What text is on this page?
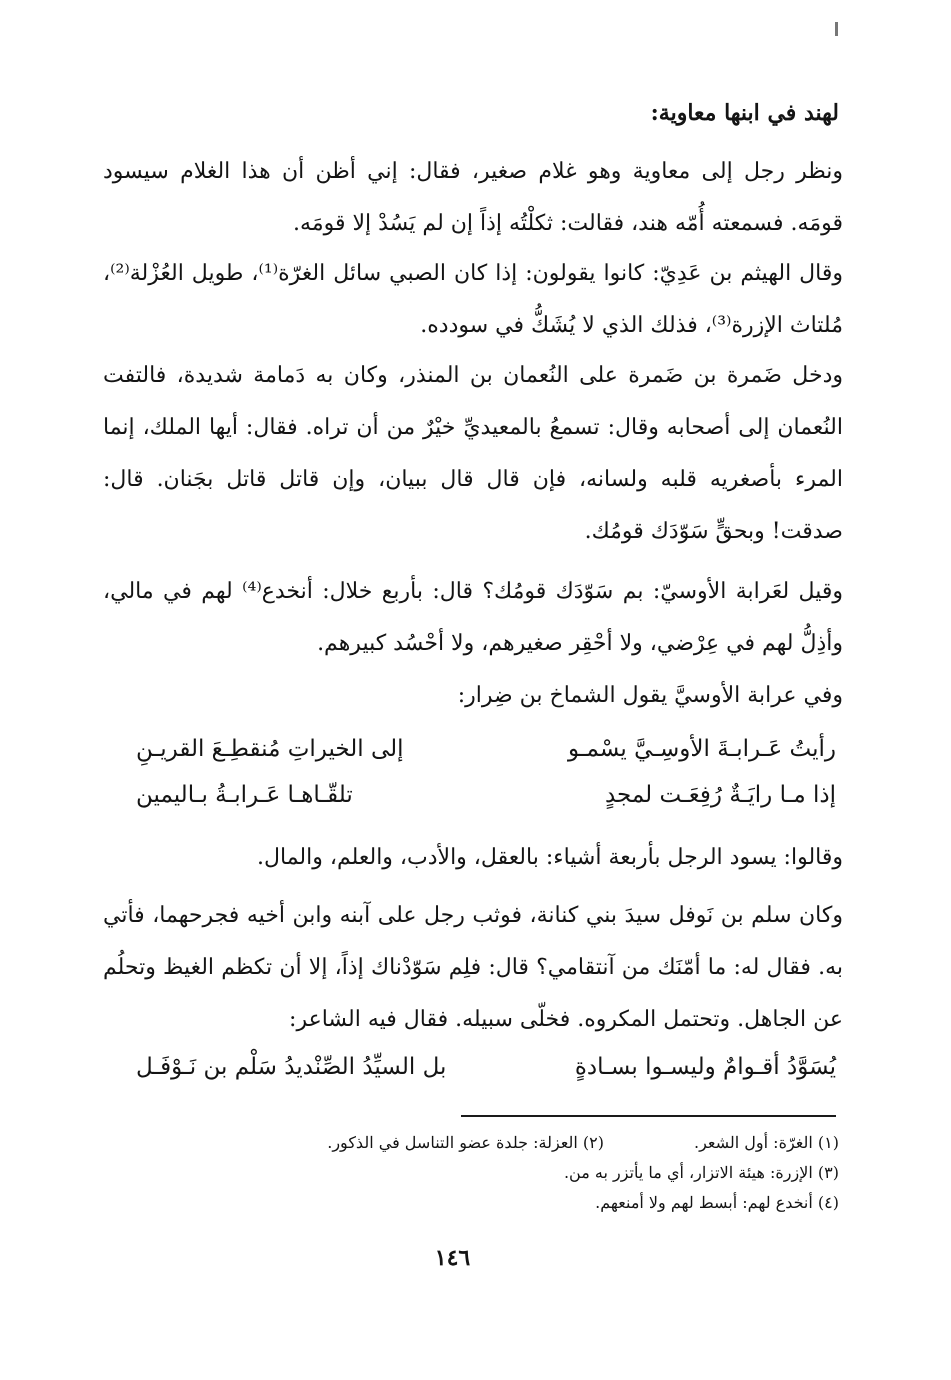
لهند في ابنها معاوية:

ونظر رجل إلى معاوية وهو غلام صغير، فقال: إني أظن أن هذا الغلام سيسود قومَه. فسمعته أُمّه هند، فقالت: ثكلْتُه إذاً إن لم يَسُدْ إلا قومَه.

وقال الهيثم بن عَدِيّ: كانوا يقولون: إذا كان الصبي سائل الغرّة⁽¹⁾، طويل العُزْلة⁽²⁾، مُلتاث الإزرة⁽³⁾، فذلك الذي لا يُشَكُّ في سودده.

ودخل ضَمرة بن ضَمرة على النُعمان بن المنذر، وكان به دَمامة شديدة، فالتفت النُعمان إلى أصحابه وقال: تسمعُ بالمعيديِّ خيْرٌ من أن تراه. فقال: أيها الملك، إنما المرء بأصغريه قلبه ولسانه، فإن قال قال ببيان، وإن قاتل قاتل بجَنان. قال: صدقت! وبحقٍّ سَوّدَك قومُك.

وقيل لعَرابة الأوسيّ: بم سَوّدَك قومُك؟ قال: بأربع خلال: أنخدع⁽⁴⁾ لهم في مالي، وأذِلُّ لهم في عِرْضي، ولا أحْقِر صغيرهم، ولا أحْسُد كبيرهم.

وفي عرابة الأوسيَّ يقول الشماخ بن ضِرار:

رأيتُ عَـرابـةَ الأوسِـيَّ يسْمـو
إلى الخيراتِ مُنقطِـعَ القريـنِ
إذا مـا رايَـةٌ رُفِعَـت لمجدٍ
تلقّـاهـا عَـرابـةُ بـاليمين

وقالوا: يسود الرجل بأربعة أشياء: بالعقل، والأدب، والعلم، والمال.

وكان سلم بن نَوفل سيدَ بني كنانة، فوثب رجل على آبنه وابن أخيه فجرحهما، فأتي به. فقال له: ما أمّنَك من آنتقامي؟ قال: فلِم سَوّدْناك إذاً، إلا أن تكظم الغيظ وتحلُم عن الجاهل. وتحتمل المكروه. فخلّى سبيله. فقال فيه الشاعر:

يُسَوَّدُ أقـوامٌ وليسـوا بسـادةٍ
بل السيِّدُ الصِّنْديدُ سَلْم بن نَـوْفَـل
(١) الغرّة: أول الشعر.
(٢) العزلة: جلدة عضو التناسل في الذكور.
(٣) الإزرة: هيئة الاتزار، أي ما يأتزر به من.
(٤) أنخدع لهم: أبسط لهم ولا أمنعهم.
١٤٦
